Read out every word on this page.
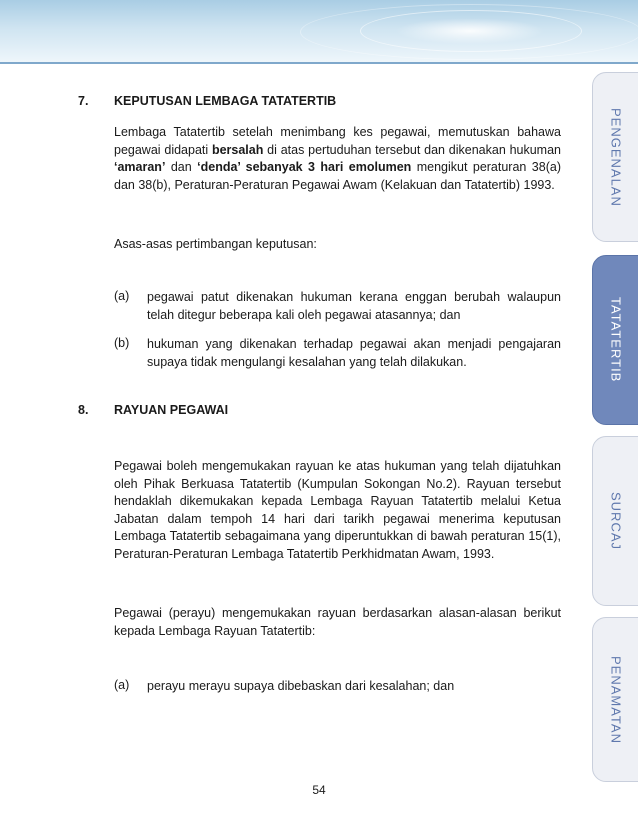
PENGENALAN
TATATERTIB
SURCAJ
PENAMATAN
7. KEPUTUSAN LEMBAGA TATATERTIB
Lembaga Tatatertib setelah menimbang kes pegawai, memutuskan bahawa pegawai didapati bersalah di atas pertuduhan tersebut dan dikenakan hukuman ‘amaran’ dan ‘denda’ sebanyak 3 hari emolumen mengikut peraturan 38(a) dan 38(b), Peraturan-Peraturan Pegawai Awam (Kelakuan dan Tatatertib) 1993.
Asas-asas pertimbangan keputusan:
(a) pegawai patut dikenakan hukuman kerana enggan berubah walaupun telah ditegur beberapa kali oleh pegawai atasannya; dan
(b) hukuman yang dikenakan terhadap pegawai akan menjadi pengajaran supaya tidak mengulangi kesalahan yang telah dilakukan.
8. RAYUAN PEGAWAI
Pegawai boleh mengemukakan rayuan ke atas hukuman yang telah dijatuhkan oleh Pihak Berkuasa Tatatertib (Kumpulan Sokongan No.2). Rayuan tersebut hendaklah dikemukakan kepada Lembaga Rayuan Tatatertib melalui Ketua Jabatan dalam tempoh 14 hari dari tarikh pegawai menerima keputusan Lembaga Tatatertib sebagaimana yang diperuntukkan di bawah peraturan 15(1), Peraturan-Peraturan Lembaga Tatatertib Perkhidmatan Awam, 1993.
Pegawai (perayu) mengemukakan rayuan berdasarkan alasan-alasan berikut kepada Lembaga Rayuan Tatatertib:
(a) perayu merayu supaya dibebaskan dari kesalahan; dan
54
